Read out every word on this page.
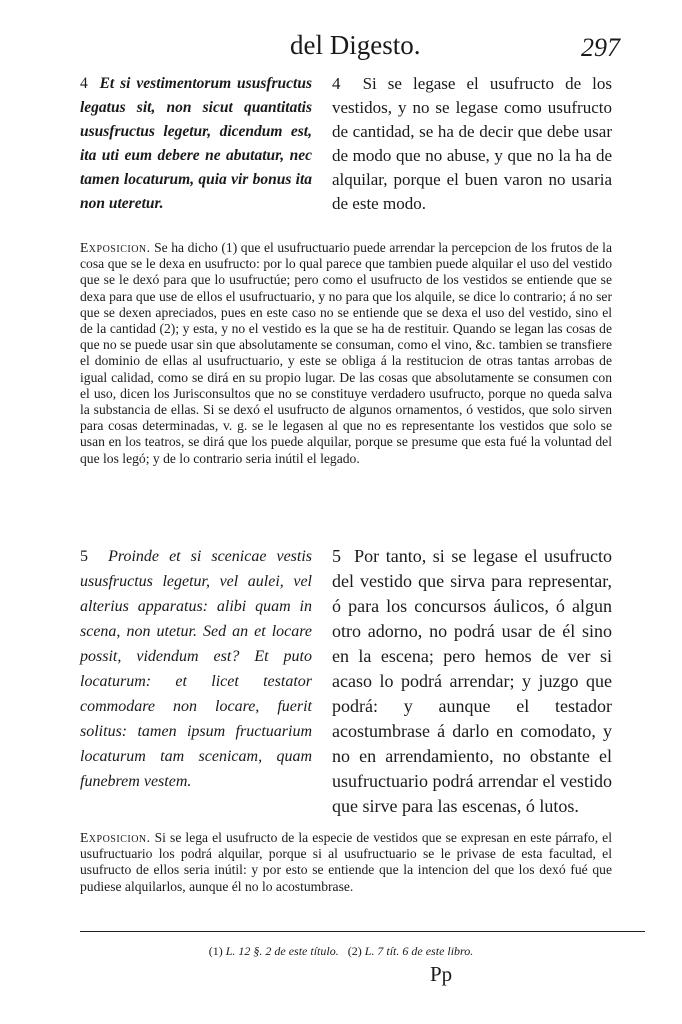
del Digesto.	297
4 Et si vestimentorum ususfructus legatus sit, non sicut quantitatis ususfructus legetur, dicendum est, ita uti eum debere ne abutatur, nec tamen locaturum, quia vir bonus ita non uteretur.
4 Si se legase el usufructo de los vestidos, y no se legase como usufructo de cantidad, se ha de decir que debe usar de modo que no abuse, y que no la ha de alquilar, porque el buen varon no usaria de este modo.
Exposicion. Se ha dicho (1) que el usufructuario puede arrendar la percepcion de los frutos de la cosa que se le dexa en usufructo: por lo qual parece que tambien puede alquilar el uso del vestido que se le dexó para que lo usufructúe; pero como el usufructo de los vestidos se entiende que se dexa para que use de ellos el usufructuario, y no para que los alquile, se dice lo contrario; á no ser que se dexen apreciados, pues en este caso no se entiende que se dexa el uso del vestido, sino el de la cantidad (2); y esta, y no el vestido es la que se ha de restituir. Quando se legan las cosas de que no se puede usar sin que absolutamente se consuman, como el vino, &c. tambien se transfiere el dominio de ellas al usufructuario, y este se obliga á la restitucion de otras tantas arrobas de igual calidad, como se dirá en su propio lugar. De las cosas que absolutamente se consumen con el uso, dicen los Jurisconsultos que no se constituye verdadero usufructo, porque no queda salva la substancia de ellas. Si se dexó el usufructo de algunos ornamentos, ó vestidos, que solo sirven para cosas determinadas, v. g. se le legasen al que no es representante los vestidos que solo se usan en los teatros, se dirá que los puede alquilar, porque se presume que esta fué la voluntad del que los legó; y de lo contrario seria inútil el legado.
5 Proinde et si scenicae vestis ususfructus legetur, vel aulei, vel alterius apparatus: alibi quam in scena, non utetur. Sed an et locare possit, videndum est? Et puto locaturum: et licet testator commodare non locare, fuerit solitus: tamen ipsum fructuarium locaturum tam scenicam, quam funebrem vestem.
5 Por tanto, si se legase el usufructo del vestido que sirva para representar, ó para los concursos áulicos, ó algun otro adorno, no podrá usar de él sino en la escena; pero hemos de ver si acaso lo podrá arrendar; y juzgo que podrá: y aunque el testador acostumbrase á darlo en comodato, y no en arrendamiento, no obstante el usufructuario podrá arrendar el vestido que sirve para las escenas, ó lutos.
Exposicion. Si se lega el usufructo de la especie de vestidos que se expresan en este párrafo, el usufructuario los podrá alquilar, porque si al usufructuario se le privase de esta facultad, el usufructo de ellos seria inútil: y por esto se entiende que la intencion del que los dexó fué que pudiese alquilarlos, aunque él no lo acostumbrase.
(1) L. 12 §. 2 de este título. (2) L. 7 tít. 6 de este libro.
Pp
